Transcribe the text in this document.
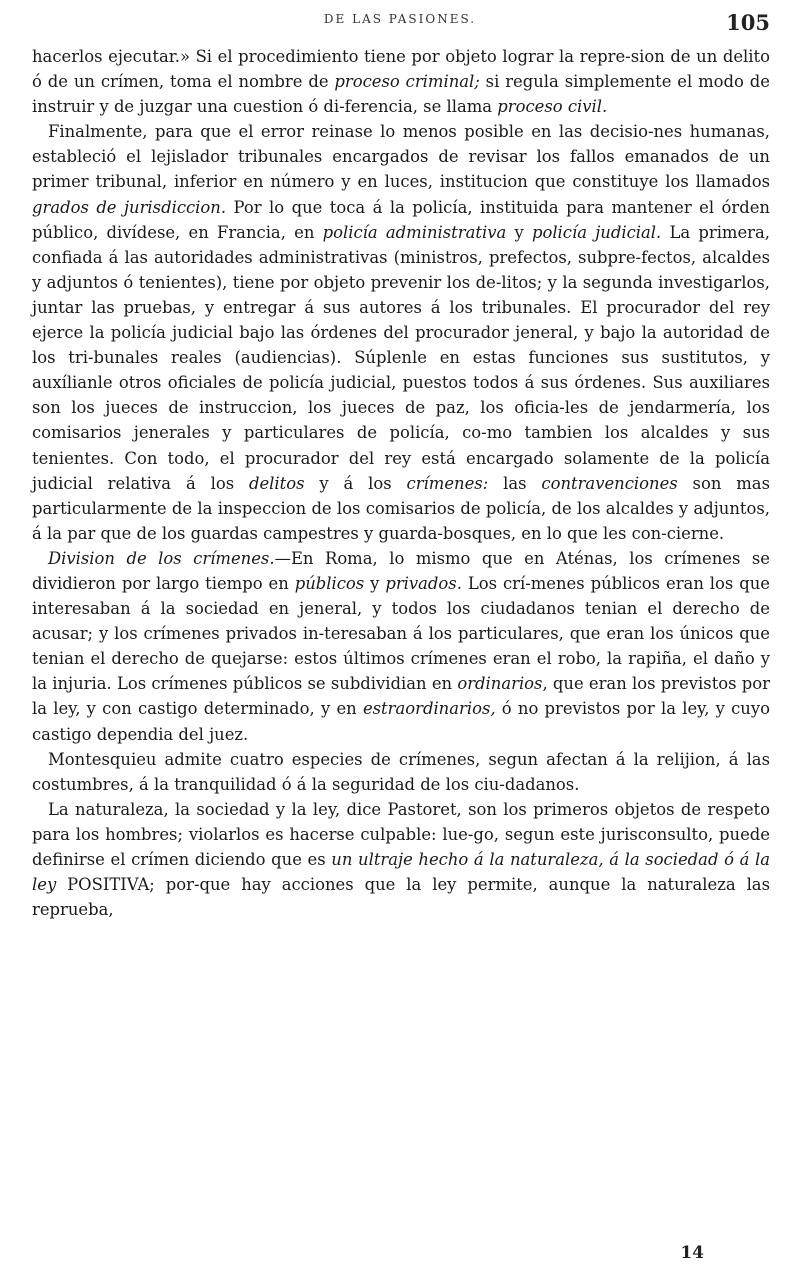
DE LAS PASIONES.	105

hacerlos ejecutar.» Si el procedimiento tiene por objeto lograr la repre-sion de un delito ó de un crímen, toma el nombre de proceso criminal; si regula simplemente el modo de instruir y de juzgar una cuestion ó di-ferencia, se llama proceso civil.

Finalmente, para que el error reinase lo menos posible en las decisio-nes humanas, estableció el lejislador tribunales encargados de revisar los fallos emanados de un primer tribunal, inferior en número y en luces, institucion que constituye los llamados grados de jurisdiccion. Por lo que toca á la policía, instituida para mantener el órden público, divídese, en Francia, en policía administrativa y policía judicial. La primera, confiada á las autoridades administrativas (ministros, prefectos, subpre-fectos, alcaldes y adjuntos ó tenientes), tiene por objeto prevenir los de-litos; y la segunda investigarlos, juntar las pruebas, y entregar á sus autores á los tribunales. El procurador del rey ejerce la policía judicial bajo las órdenes del procurador jeneral, y bajo la autoridad de los tri-bunales reales (audiencias). Súplenle en estas funciones sus sustitutos, y auxílianle otros oficiales de policía judicial, puestos todos á sus órdenes. Sus auxiliares son los jueces de instruccion, los jueces de paz, los oficia-les de jendarmería, los comisarios jenerales y particulares de policía, co-mo tambien los alcaldes y sus tenientes. Con todo, el procurador del rey está encargado solamente de la policía judicial relativa á los delitos y á los crímenes: las contravenciones son mas particularmente de la inspeccion de los comisarios de policía, de los alcaldes y adjuntos, á la par que de los guardas campestres y guarda-bosques, en lo que les con-cierne.

Division de los crímenes.—En Roma, lo mismo que en Aténas, los crímenes se dividieron por largo tiempo en públicos y privados. Los crí-menes públicos eran los que interesaban á la sociedad en jeneral, y todos los ciudadanos tenian el derecho de acusar; y los crímenes privados in-teresaban á los particulares, que eran los únicos que tenian el derecho de quejarse: estos últimos crímenes eran el robo, la rapiña, el daño y la injuria. Los crímenes públicos se subdividian en ordinarios, que eran los previstos por la ley, y con castigo determinado, y en estraordinarios, ó no previstos por la ley, y cuyo castigo dependia del juez.

Montesquieu admite cuatro especies de crímenes, segun afectan á la relijion, á las costumbres, á la tranquilidad ó á la seguridad de los ciu-dadanos.

La naturaleza, la sociedad y la ley, dice Pastoret, son los primeros objetos de respeto para los hombres; violarlos es hacerse culpable: lue-go, segun este jurisconsulto, puede definirse el crímen diciendo que es un ultraje hecho á la naturaleza, á la sociedad ó á la ley POSITIVA; por-que hay acciones que la ley permite, aunque la naturaleza las reprueba,

14
